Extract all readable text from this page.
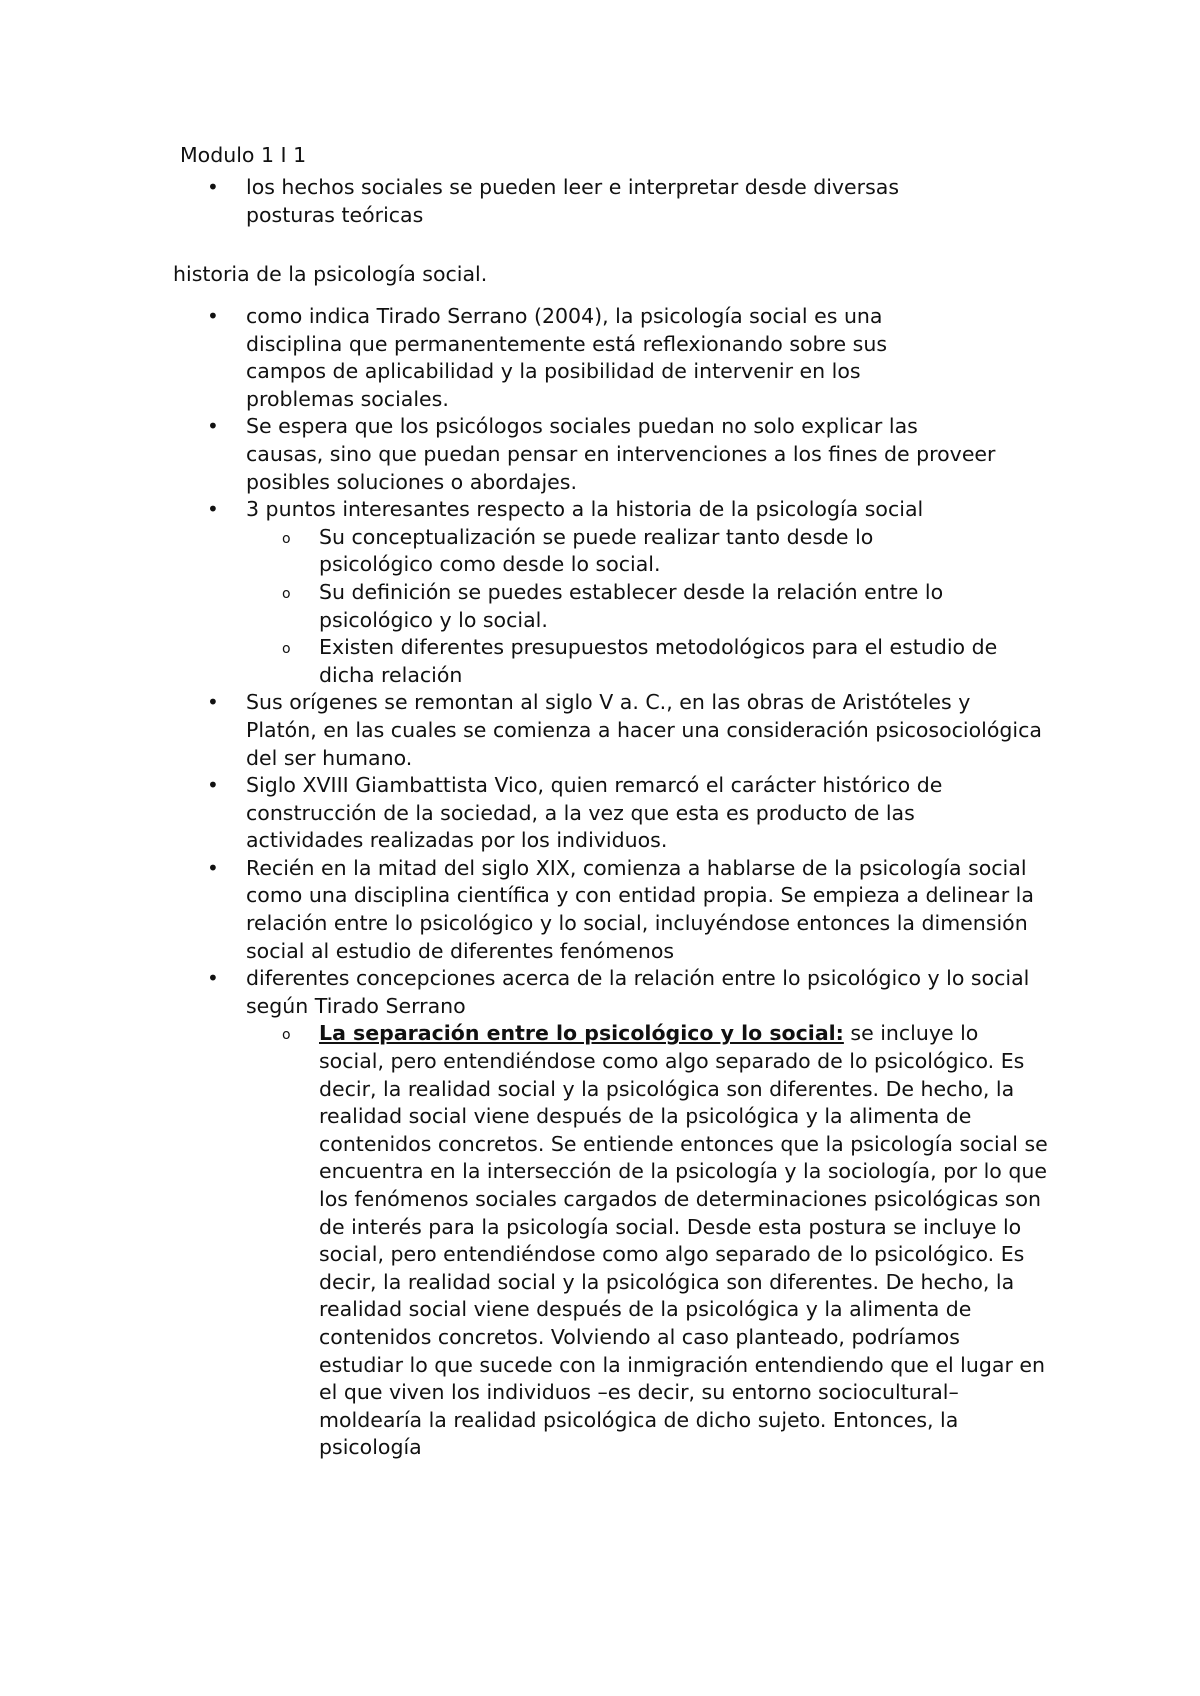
Modulo 1 I 1

• los hechos sociales se pueden leer e interpretar desde diversas posturas teóricas

historia de la psicología social.

• como indica Tirado Serrano (2004), la psicología social es una disciplina que permanentemente está reflexionando sobre sus campos de aplicabilidad y la posibilidad de intervenir en los problemas sociales.
• Se espera que los psicólogos sociales puedan no solo explicar las causas, sino que puedan pensar en intervenciones a los fines de proveer posibles soluciones o abordajes.
• 3 puntos interesantes respecto a la historia de la psicología social
o Su conceptualización se puede realizar tanto desde lo psicológico como desde lo social.
o Su definición se puedes establecer desde la relación entre lo psicológico y lo social.
o Existen diferentes presupuestos metodológicos para el estudio de dicha relación
• Sus orígenes se remontan al siglo V a. C., en las obras de Aristóteles y Platón, en las cuales se comienza a hacer una consideración psicosociológica del ser humano.
• Siglo XVIII Giambattista Vico, quien remarcó el carácter histórico de construcción de la sociedad, a la vez que esta es producto de las actividades realizadas por los individuos.
• Recién en la mitad del siglo XIX, comienza a hablarse de la psicología social como una disciplina científica y con entidad propia. Se empieza a delinear la relación entre lo psicológico y lo social, incluyéndose entonces la dimensión social al estudio de diferentes fenómenos
• diferentes concepciones acerca de la relación entre lo psicológico y lo social según Tirado Serrano
o La separación entre lo psicológico y lo social: se incluye lo social, pero entendiéndose como algo separado de lo psicológico. Es decir, la realidad social y la psicológica son diferentes. De hecho, la realidad social viene después de la psicológica y la alimenta de contenidos concretos. Se entiende entonces que la psicología social se encuentra en la intersección de la psicología y la sociología, por lo que los fenómenos sociales cargados de determinaciones psicológicas son de interés para la psicología social. Desde esta postura se incluye lo social, pero entendiéndose como algo separado de lo psicológico. Es decir, la realidad social y la psicológica son diferentes. De hecho, la realidad social viene después de la psicológica y la alimenta de contenidos concretos. Volviendo al caso planteado, podríamos estudiar lo que sucede con la inmigración entendiendo que el lugar en el que viven los individuos –es decir, su entorno sociocultural– moldearía la realidad psicológica de dicho sujeto. Entonces, la psicología
